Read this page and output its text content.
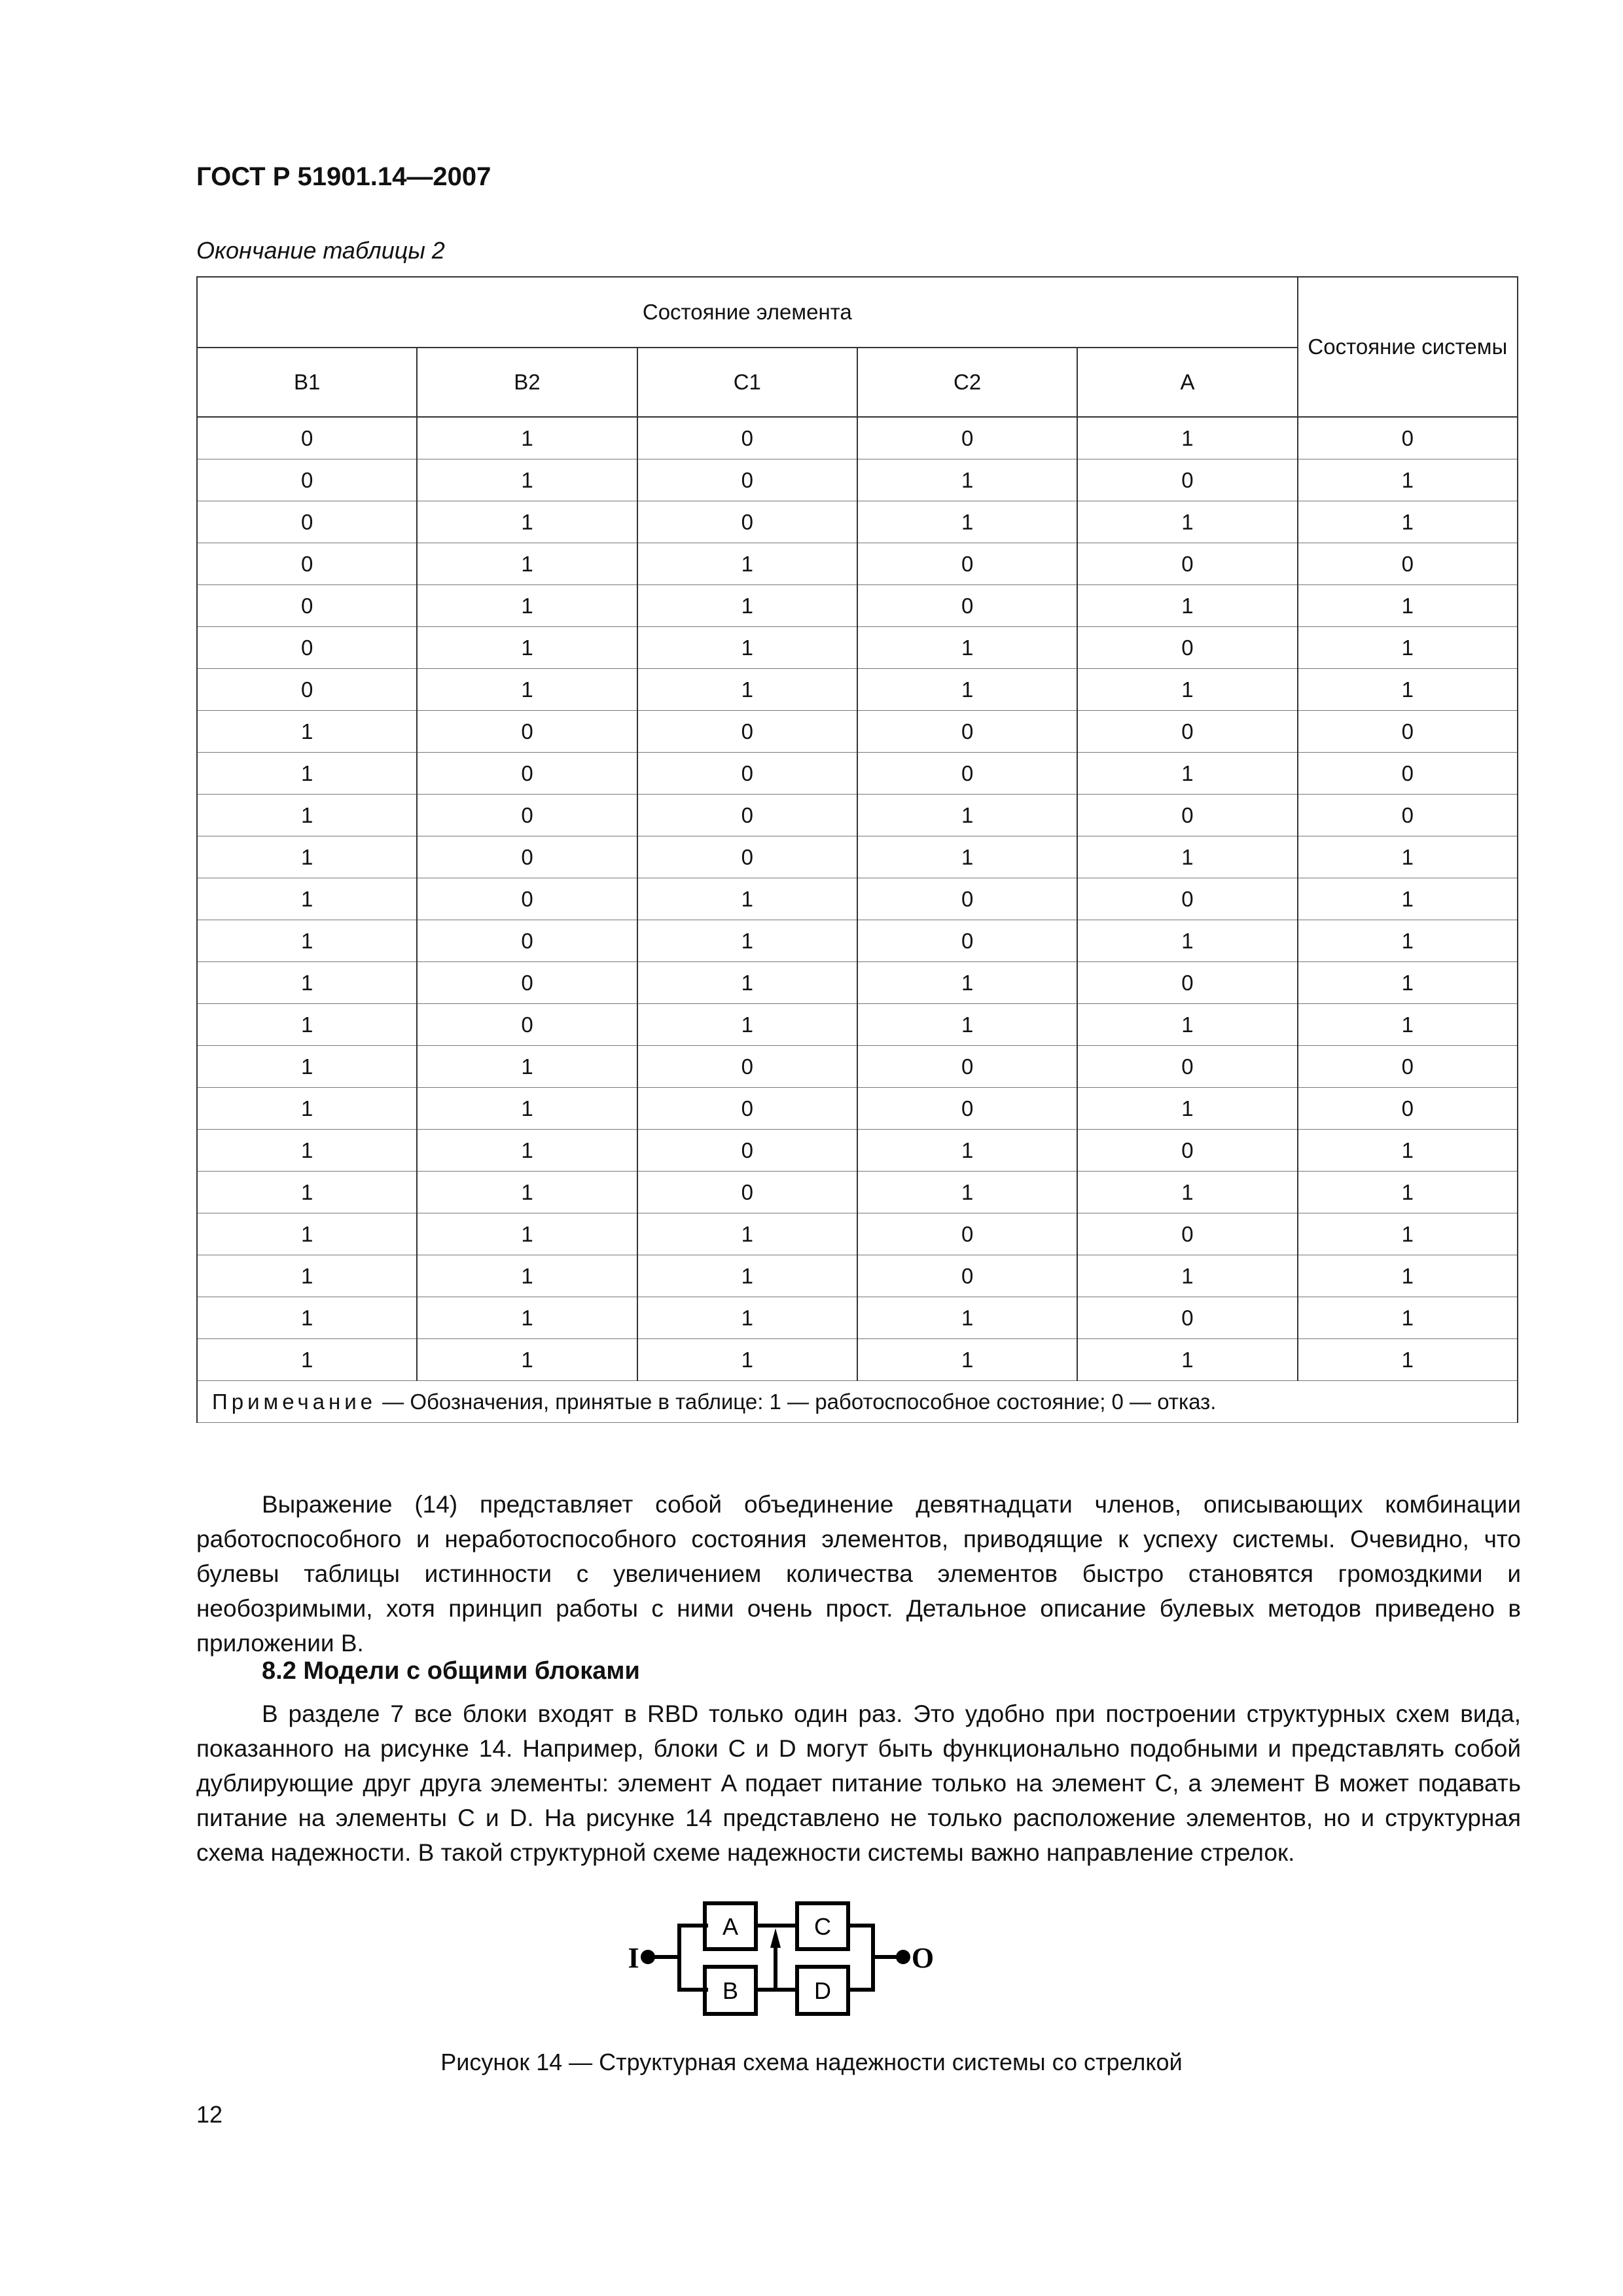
ГОСТ Р 51901.14—2007
Окончание таблицы 2
Состояние элемента					Состояние системы
B1	B2	C1	C2	A	
0	1	0	0	1	0
0	1	0	1	0	1
0	1	0	1	1	1
0	1	1	0	0	0
0	1	1	0	1	1
0	1	1	1	0	1
0	1	1	1	1	1
1	0	0	0	0	0
1	0	0	0	1	0
1	0	0	1	0	0
1	0	0	1	1	1
1	0	1	0	0	1
1	0	1	0	1	1
1	0	1	1	0	1
1	0	1	1	1	1
1	1	0	0	0	0
1	1	0	0	1	0
1	1	0	1	0	1
1	1	0	1	1	1
1	1	1	0	0	1
1	1	1	0	1	1
1	1	1	1	0	1
1	1	1	1	1	1
Примечание — Обозначения, принятые в таблице: 1 — работоспособное состояние; 0 — отказ.					
Выражение (14) представляет собой объединение девятнадцати членов, описывающих комбинации работоспособного и неработоспособного состояния элементов, приводящие к успеху системы. Очевидно, что булевы таблицы истинности с увеличением количества элементов быстро становятся громоздкими и необозримыми, хотя принцип работы с ними очень прост. Детальное описание булевых методов приведено в приложении В.
8.2 Модели с общими блоками
В разделе 7 все блоки входят в RBD только один раз. Это удобно при построении структурных схем вида, показанного на рисунке 14. Например, блоки C и D могут быть функционально подобными и представлять собой дублирующие друг друга элементы: элемент A подает питание только на элемент C, а элемент B может подавать питание на элементы C и D. На рисунке 14 представлено не только расположение элементов, но и структурная схема надежности. В такой структурной схеме надежности системы важно направление стрелок.
I	O
A
B
C
D
Рисунок 14 — Структурная схема надежности системы со стрелкой
12
